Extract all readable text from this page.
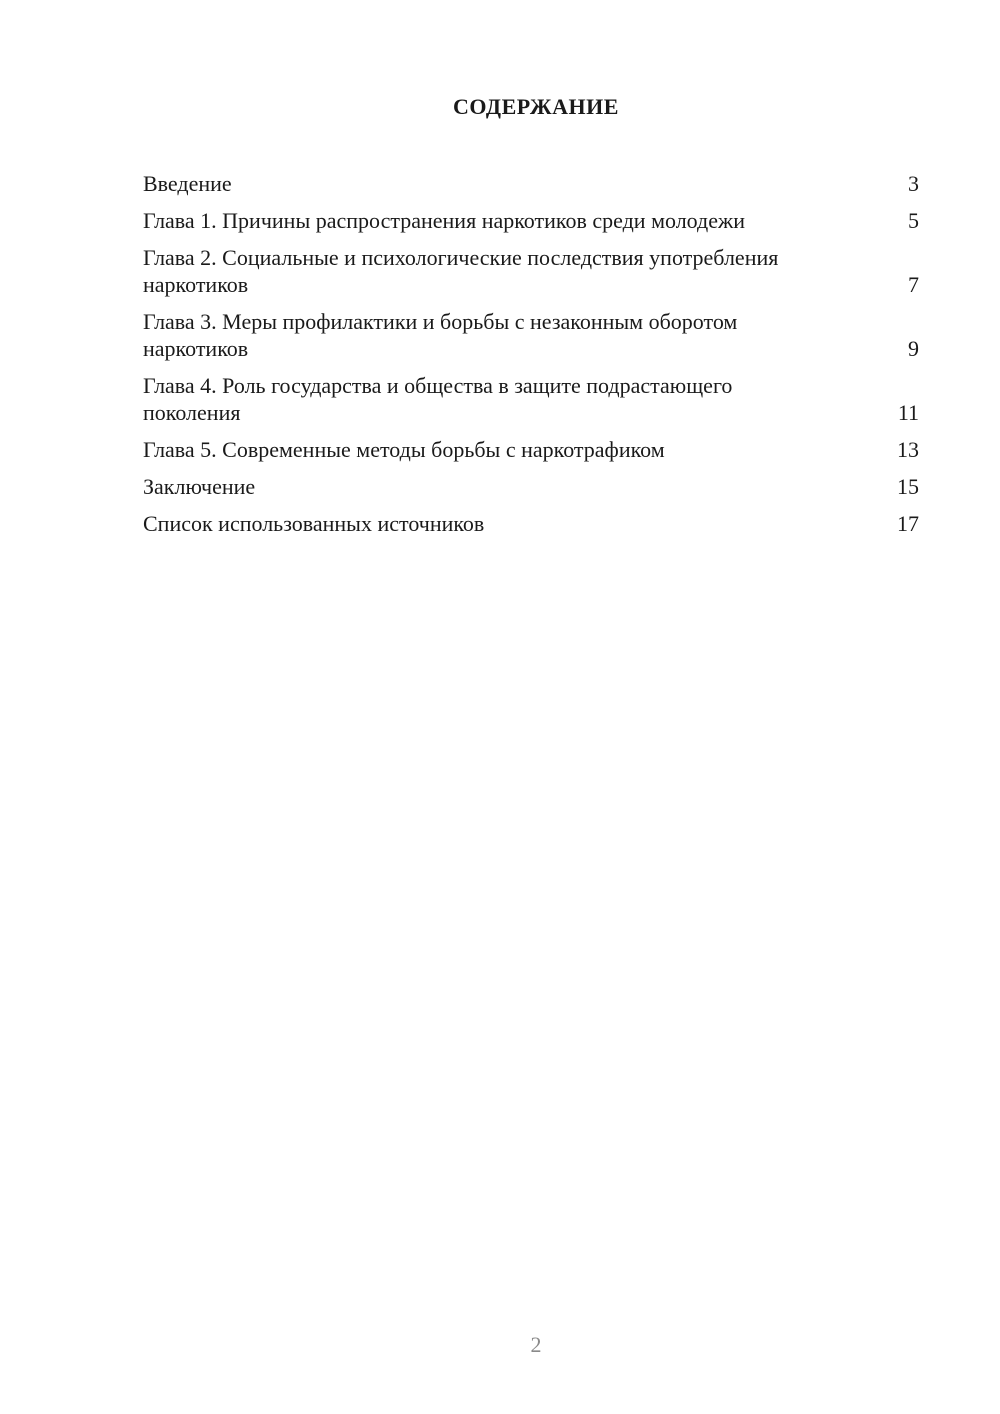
СОДЕРЖАНИЕ
Введение	3
Глава 1. Причины распространения наркотиков среди молодежи	5
Глава 2. Социальные и психологические последствия употребления наркотиков	7
Глава 3. Меры профилактики и борьбы с незаконным оборотом наркотиков	9
Глава 4. Роль государства и общества в защите подрастающего поколения	11
Глава 5. Современные методы борьбы с наркотрафиком	13
Заключение	15
Список использованных источников	17
2
